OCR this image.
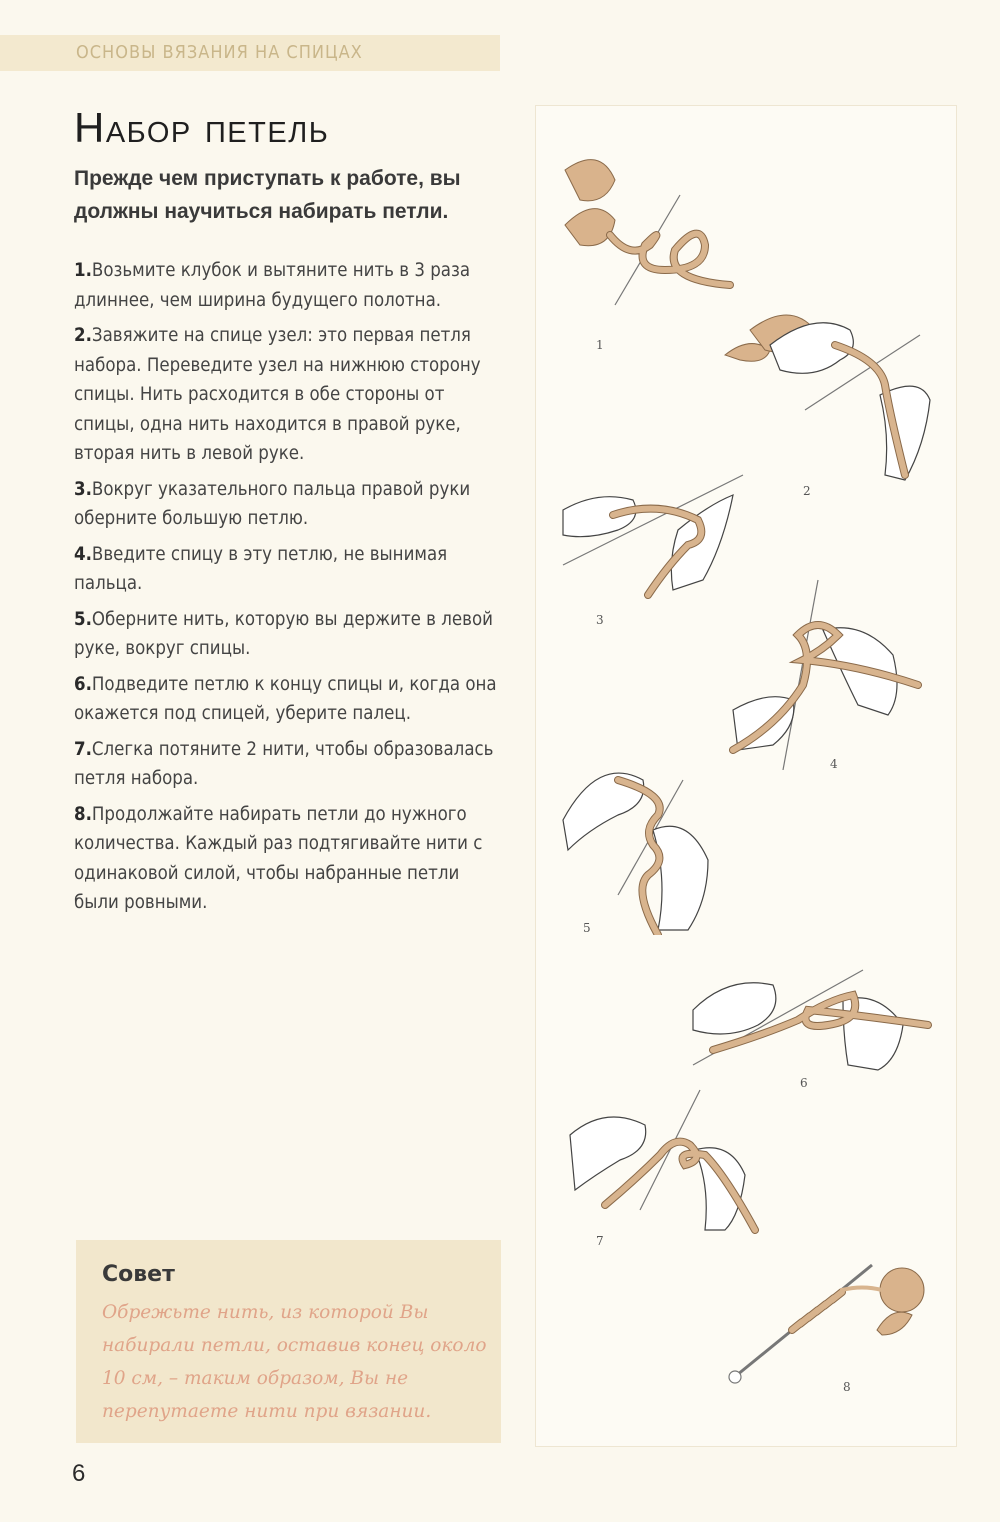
ОСНОВЫ ВЯЗАНИЯ НА СПИЦАХ
Набор петель

Прежде чем приступать к работе, вы должны научиться набирать петли.

1.Возьмите клубок и вытяните нить в 3 раза длиннее, чем ширина будущего полотна.
2.Завяжите на спице узел: это первая петля набора. Переведите узел на нижнюю сторону спицы. Нить расходится в обе стороны от спицы, одна нить находится в правой руке, вторая нить в левой руке.
3.Вокруг указательного пальца правой руки оберните большую петлю.
4.Введите спицу в эту петлю, не вынимая пальца.
5.Оберните нить, которую вы держите в левой руке, вокруг спицы.
6.Подведите петлю к концу спицы и, когда она окажется под спицей, уберите палец.
7.Слегка потяните 2 нити, чтобы образовалась петля набора.
8.Продолжайте набирать петли до нужного количества. Каждый раз подтягивайте нити с одинаковой силой, чтобы набранные петли были ровными.
Совет

Обрежьте нить, из которой Вы набирали петли, оставив конец около 10 см, – таким образом, Вы не перепутаете нити при вязании.

6
1
2
3
4
5
6
7
8
